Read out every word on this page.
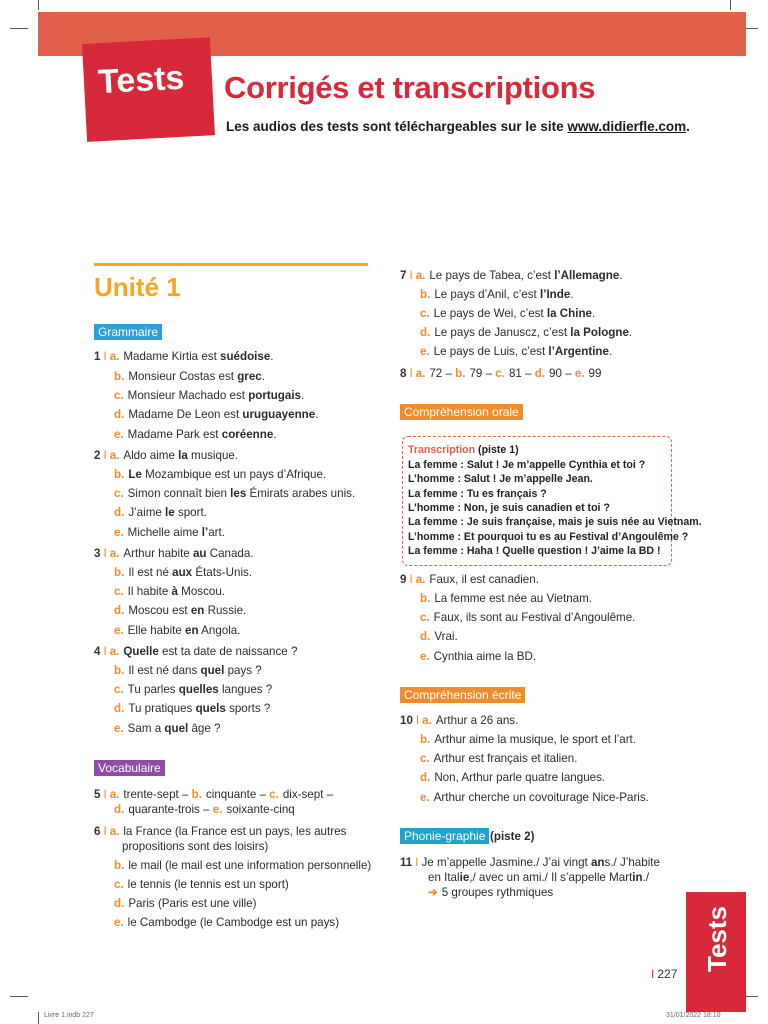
Tests Corrigés et transcriptions
Les audios des tests sont téléchargeables sur le site www.didierfle.com.
Unité 1
Grammaire
Vocabulaire
Compréhension orale
Compréhension écrite
Phonie-graphie (piste 2)
1 I a. Madame Kirtia est suédoise.
b. Monsieur Costas est grec.
c. Monsieur Machado est portugais.
d. Madame De Leon est uruguayenne.
e. Madame Park est coréenne.
2 I a. Aldo aime la musique.
b. Le Mozambique est un pays d’Afrique.
c. Simon connaît bien les Émirats arabes unis.
d. J’aime le sport.
e. Michelle aime l’art.
3 I a. Arthur habite au Canada.
b. Il est né aux États-Unis.
c. Il habite à Moscou.
d. Moscou est en Russie.
e. Elle habite en Angola.
4 I a. Quelle est ta date de naissance ?
b. Il est né dans quel pays ?
c. Tu parles quelles langues ?
d. Tu pratiques quels sports ?
e. Sam a quel âge ?
5 I a. trente-sept – b. cinquante – c. dix-sept –
d. quarante-trois – e. soixante-cinq
6 I a. la France (la France est un pays, les autres
propositions sont des loisirs)
b. le mail (le mail est une information personnelle)
c. le tennis (le tennis est un sport)
d. Paris (Paris est une ville)
e. le Cambodge (le Cambodge est un pays)
7 I a. Le pays de Tabea, c’est l’Allemagne.
b. Le pays d’Anil, c’est l’Inde.
c. Le pays de Wei, c’est la Chine.
d. Le pays de Januscz, c’est la Pologne.
e. Le pays de Luis, c’est l’Argentine.
8 I a. 72 – b. 79 – c. 81 – d. 90 – e. 99
9 I a. Faux, il est canadien.
b. La femme est née au Vietnam.
c. Faux, ils sont au Festival d’Angoulême.
d. Vrai.
e. Cynthia aime la BD.
10 I a. Arthur a 26 ans.
b. Arthur aime la musique, le sport et l’art.
c. Arthur est français et italien.
d. Non, Arthur parle quatre langues.
e. Arthur cherche un covoiturage Nice-Paris.
11 I Je m’appelle Jasmine./ J’ai vingt ans./ J’habite
en Italie,/ avec un ami./ Il s’appelle Martin./
➔ 5 groupes rythmiques
Transcription (piste 1)
La femme : Salut ! Je m’appelle Cynthia et toi ?
L’homme : Salut ! Je m’appelle Jean.
La femme : Tu es français ?
L’homme : Non, je suis canadien et toi ?
La femme : Je suis française, mais je suis née au Vietnam.
L’homme : Et pourquoi tu es au Festival d’Angoulême ?
La femme : Haha ! Quelle question ! J’aime la BD !
I 227
Tests
Livre 1.indb 227	31/01/2022 18:10
